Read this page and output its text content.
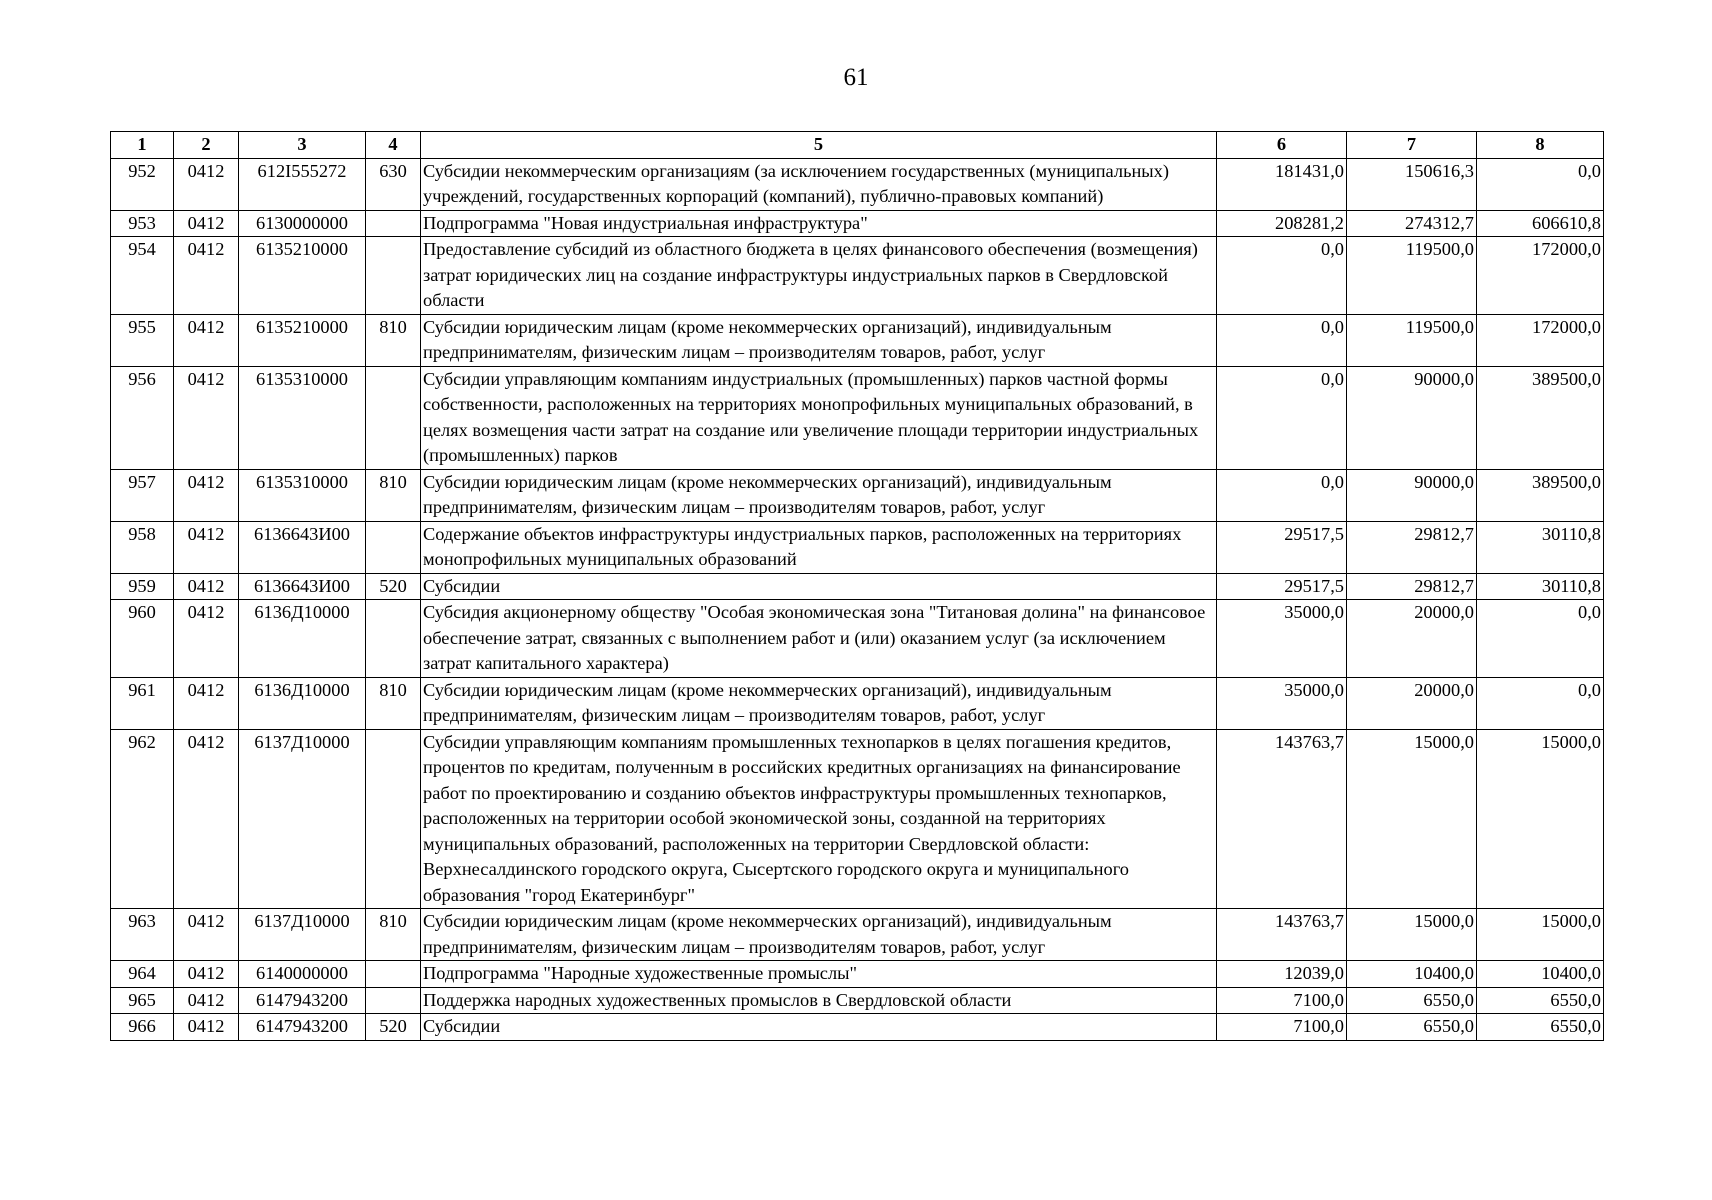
61
1	2	3	4	5	6	7	8
952	0412	612I555272	630	Субсидии некоммерческим организациям (за исключением государственных (муниципальных) учреждений, государственных корпораций (компаний), публично-правовых компаний)	181431,0	150616,3	0,0
953	0412	6130000000		Подпрограмма "Новая индустриальная инфраструктура"	208281,2	274312,7	606610,8
954	0412	6135210000		Предоставление субсидий из областного бюджета в целях финансового обеспечения (возмещения) затрат юридических лиц на создание инфраструктуры индустриальных парков в Свердловской области	0,0	119500,0	172000,0
955	0412	6135210000	810	Субсидии юридическим лицам (кроме некоммерческих организаций), индивидуальным предпринимателям, физическим лицам – производителям товаров, работ, услуг	0,0	119500,0	172000,0
956	0412	6135310000		Субсидии управляющим компаниям индустриальных (промышленных) парков частной формы собственности, расположенных на территориях монопрофильных муниципальных образований, в целях возмещения части затрат на создание или увеличение площади территории индустриальных (промышленных) парков	0,0	90000,0	389500,0
957	0412	6135310000	810	Субсидии юридическим лицам (кроме некоммерческих организаций), индивидуальным предпринимателям, физическим лицам – производителям товаров, работ, услуг	0,0	90000,0	389500,0
958	0412	6136643И00		Содержание объектов инфраструктуры индустриальных парков, расположенных на территориях монопрофильных муниципальных образований	29517,5	29812,7	30110,8
959	0412	6136643И00	520	Субсидии	29517,5	29812,7	30110,8
960	0412	6136Д10000		Субсидия акционерному обществу "Особая экономическая зона "Титановая долина" на финансовое обеспечение затрат, связанных с выполнением работ и (или) оказанием услуг (за исключением затрат капитального характера)	35000,0	20000,0	0,0
961	0412	6136Д10000	810	Субсидии юридическим лицам (кроме некоммерческих организаций), индивидуальным предпринимателям, физическим лицам – производителям товаров, работ, услуг	35000,0	20000,0	0,0
962	0412	6137Д10000		Субсидии управляющим компаниям промышленных технопарков в целях погашения кредитов, процентов по кредитам, полученным в российских кредитных организациях на финансирование работ по проектированию и созданию объектов инфраструктуры промышленных технопарков, расположенных на территории особой экономической зоны, созданной на территориях муниципальных образований, расположенных на территории Свердловской области: Верхнесалдинского городского округа, Сысертского городского округа и муниципального образования "город Екатеринбург"	143763,7	15000,0	15000,0
963	0412	6137Д10000	810	Субсидии юридическим лицам (кроме некоммерческих организаций), индивидуальным предпринимателям, физическим лицам – производителям товаров, работ, услуг	143763,7	15000,0	15000,0
964	0412	6140000000		Подпрограмма "Народные художественные промыслы"	12039,0	10400,0	10400,0
965	0412	6147943200		Поддержка народных художественных промыслов в Свердловской области	7100,0	6550,0	6550,0
966	0412	6147943200	520	Субсидии	7100,0	6550,0	6550,0
